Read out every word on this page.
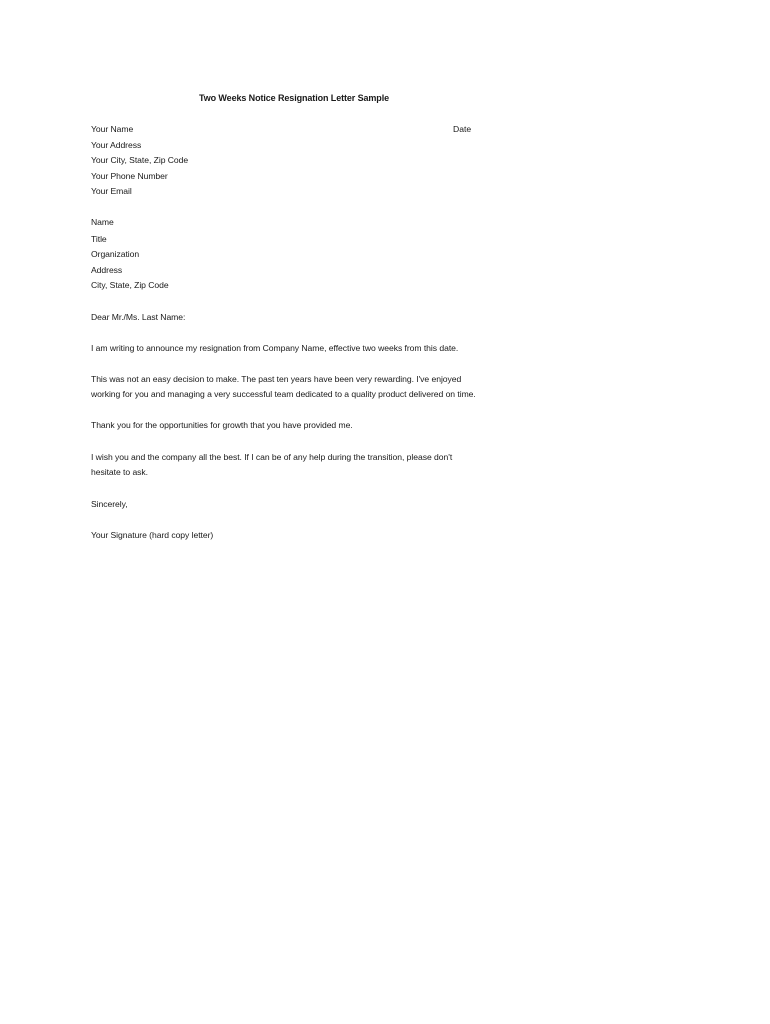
Two Weeks Notice Resignation Letter Sample
Your Name	Date
Your Address
Your City, State, Zip Code
Your Phone Number
Your Email
Name
Title
Organization
Address
City, State, Zip Code
Dear Mr./Ms. Last Name:
I am writing to announce my resignation from Company Name, effective two weeks from this date.
This was not an easy decision to make. The past ten years have been very rewarding. I've enjoyed
working for you and managing a very successful team dedicated to a quality product delivered on time.
Thank you for the opportunities for growth that you have provided me.
I wish you and the company all the best. If I can be of any help during the transition, please don't
hesitate to ask.
Sincerely,
Your Signature (hard copy letter)
